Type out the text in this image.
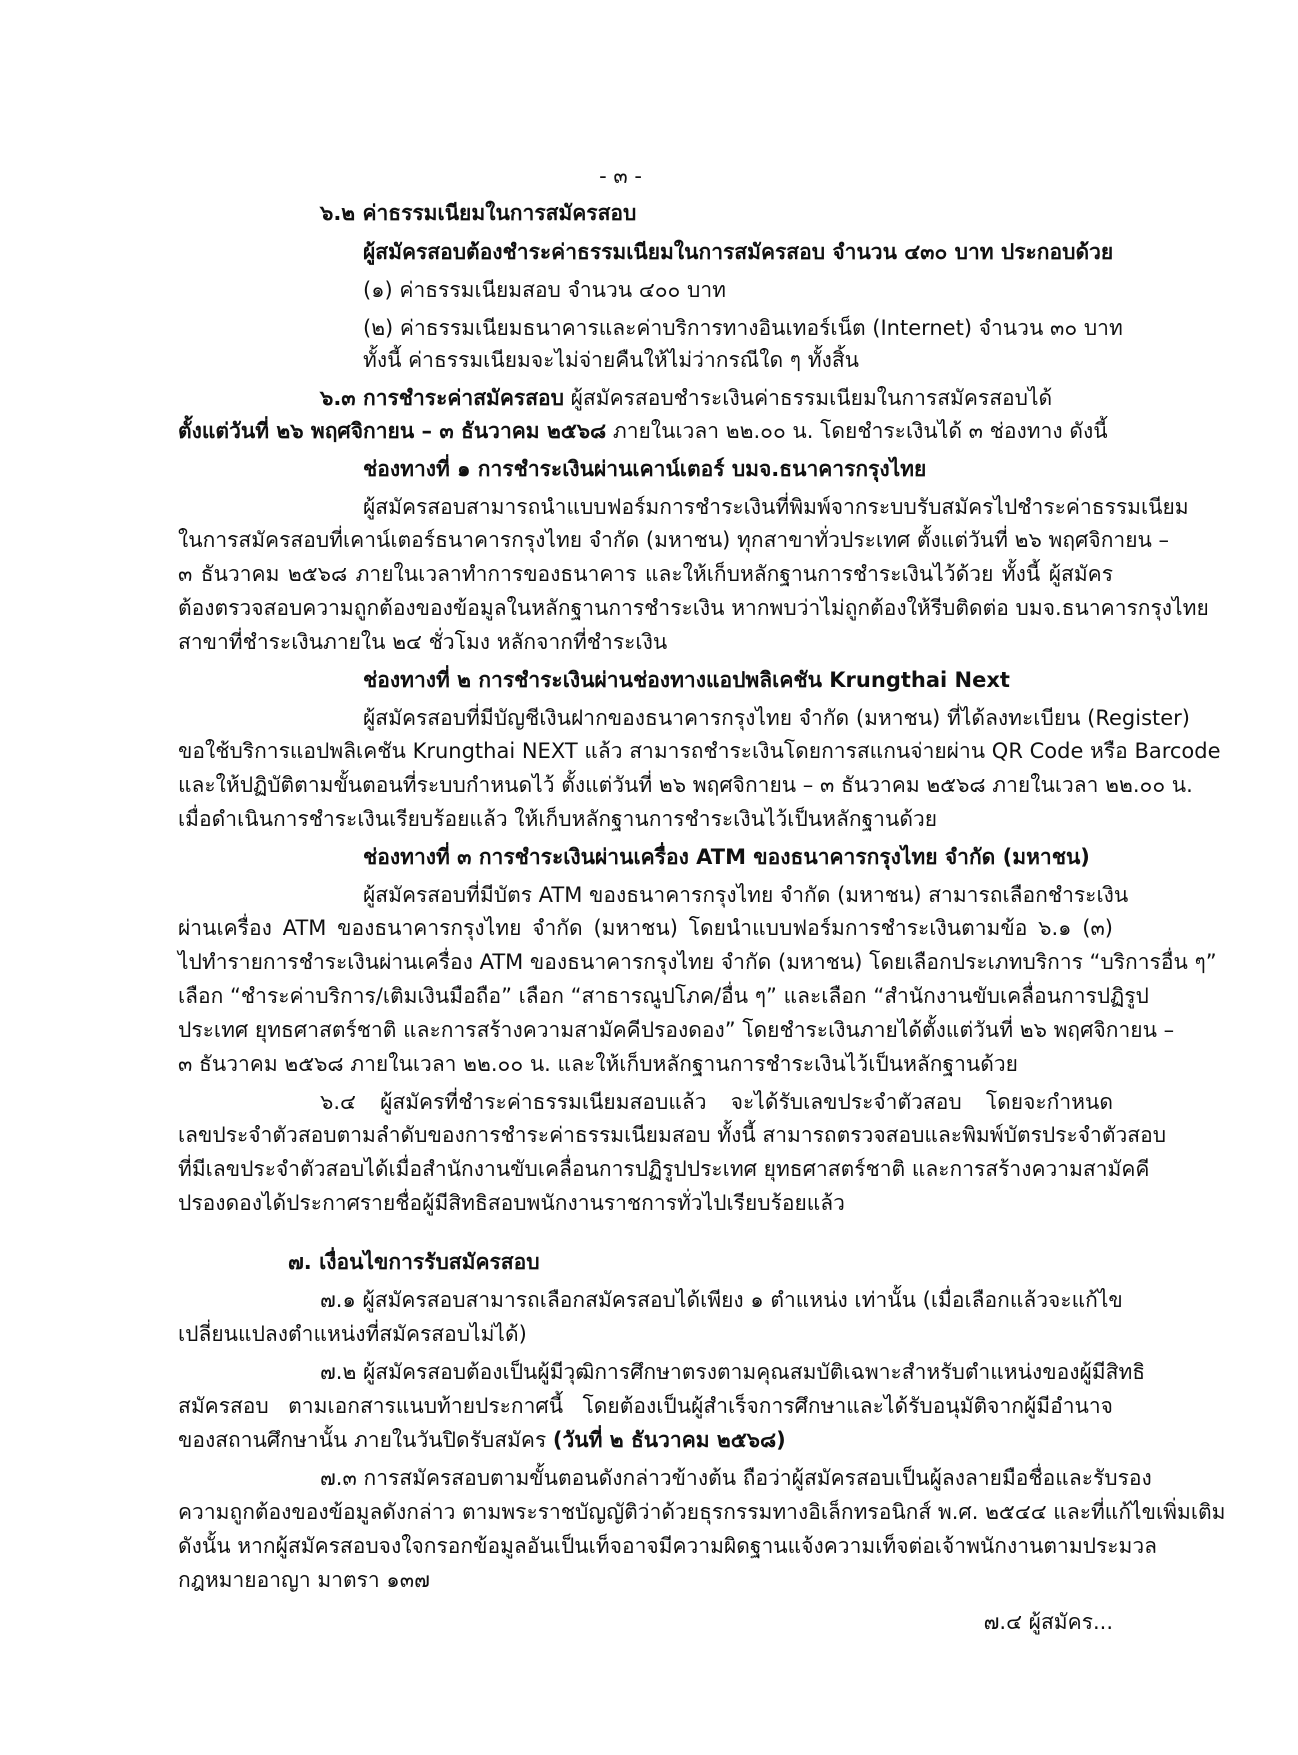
- ๓ -
๖.๒ ค่าธรรมเนียมในการสมัครสอบ
ผู้สมัครสอบต้องชำระค่าธรรมเนียมในการสมัครสอบ จำนวน ๔๓๐ บาท ประกอบด้วย
(๑) ค่าธรรมเนียมสอบ จำนวน ๔๐๐ บาท
(๒) ค่าธรรมเนียมธนาคารและค่าบริการทางอินเทอร์เน็ต (Internet) จำนวน ๓๐ บาท
ทั้งนี้ ค่าธรรมเนียมจะไม่จ่ายคืนให้ไม่ว่ากรณีใด ๆ ทั้งสิ้น
๖.๓ การชำระค่าสมัครสอบ ผู้สมัครสอบชำระเงินค่าธรรมเนียมในการสมัครสอบได้
ตั้งแต่วันที่ ๒๖ พฤศจิกายน – ๓ ธันวาคม ๒๕๖๘ ภายในเวลา ๒๒.๐๐ น. โดยชำระเงินได้ ๓ ช่องทาง ดังนี้
ช่องทางที่ ๑ การชำระเงินผ่านเคาน์เตอร์ บมจ.ธนาคารกรุงไทย
ผู้สมัครสอบสามารถนำแบบฟอร์มการชำระเงินที่พิมพ์จากระบบรับสมัครไปชำระค่าธรรมเนียม
ในการสมัครสอบที่เคาน์เตอร์ธนาคารกรุงไทย จำกัด (มหาชน) ทุกสาขาทั่วประเทศ ตั้งแต่วันที่ ๒๖ พฤศจิกายน –
๓ ธันวาคม ๒๕๖๘ ภายในเวลาทำการของธนาคาร และให้เก็บหลักฐานการชำระเงินไว้ด้วย ทั้งนี้ ผู้สมัคร
ต้องตรวจสอบความถูกต้องของข้อมูลในหลักฐานการชำระเงิน หากพบว่าไม่ถูกต้องให้รีบติดต่อ บมจ.ธนาคารกรุงไทย
สาขาที่ชำระเงินภายใน ๒๔ ชั่วโมง หลักจากที่ชำระเงิน
ช่องทางที่ ๒ การชำระเงินผ่านช่องทางแอปพลิเคชัน Krungthai Next
ผู้สมัครสอบที่มีบัญชีเงินฝากของธนาคารกรุงไทย จำกัด (มหาชน) ที่ได้ลงทะเบียน (Register)
ขอใช้บริการแอปพลิเคชัน Krungthai NEXT แล้ว สามารถชำระเงินโดยการสแกนจ่ายผ่าน QR Code หรือ Barcode
และให้ปฏิบัติตามขั้นตอนที่ระบบกำหนดไว้ ตั้งแต่วันที่ ๒๖ พฤศจิกายน – ๓ ธันวาคม ๒๕๖๘ ภายในเวลา ๒๒.๐๐ น.
เมื่อดำเนินการชำระเงินเรียบร้อยแล้ว ให้เก็บหลักฐานการชำระเงินไว้เป็นหลักฐานด้วย
ช่องทางที่ ๓ การชำระเงินผ่านเครื่อง ATM ของธนาคารกรุงไทย จำกัด (มหาชน)
ผู้สมัครสอบที่มีบัตร ATM ของธนาคารกรุงไทย จำกัด (มหาชน) สามารถเลือกชำระเงิน
ผ่านเครื่อง ATM ของธนาคารกรุงไทย จำกัด (มหาชน) โดยนำแบบฟอร์มการชำระเงินตามข้อ ๖.๑ (๓)
ไปทำรายการชำระเงินผ่านเครื่อง ATM ของธนาคารกรุงไทย จำกัด (มหาชน) โดยเลือกประเภทบริการ “บริการอื่น ๆ”
เลือก “ชำระค่าบริการ/เติมเงินมือถือ” เลือก “สาธารณูปโภค/อื่น ๆ” และเลือก “สำนักงานขับเคลื่อนการปฏิรูป
ประเทศ ยุทธศาสตร์ชาติ และการสร้างความสามัคคีปรองดอง” โดยชำระเงินภายได้ตั้งแต่วันที่ ๒๖ พฤศจิกายน –
๓ ธันวาคม ๒๕๖๘ ภายในเวลา ๒๒.๐๐ น. และให้เก็บหลักฐานการชำระเงินไว้เป็นหลักฐานด้วย
๖.๔ ผู้สมัครที่ชำระค่าธรรมเนียมสอบแล้ว จะได้รับเลขประจำตัวสอบ โดยจะกำหนด
เลขประจำตัวสอบตามลำดับของการชำระค่าธรรมเนียมสอบ ทั้งนี้ สามารถตรวจสอบและพิมพ์บัตรประจำตัวสอบ
ที่มีเลขประจำตัวสอบได้เมื่อสำนักงานขับเคลื่อนการปฏิรูปประเทศ ยุทธศาสตร์ชาติ และการสร้างความสามัคคี
ปรองดองได้ประกาศรายชื่อผู้มีสิทธิสอบพนักงานราชการทั่วไปเรียบร้อยแล้ว
๗. เงื่อนไขการรับสมัครสอบ
๗.๑ ผู้สมัครสอบสามารถเลือกสมัครสอบได้เพียง ๑ ตำแหน่ง เท่านั้น (เมื่อเลือกแล้วจะแก้ไข
เปลี่ยนแปลงตำแหน่งที่สมัครสอบไม่ได้)
๗.๒ ผู้สมัครสอบต้องเป็นผู้มีวุฒิการศึกษาตรงตามคุณสมบัติเฉพาะสำหรับตำแหน่งของผู้มีสิทธิ
สมัครสอบ ตามเอกสารแนบท้ายประกาศนี้ โดยต้องเป็นผู้สำเร็จการศึกษาและได้รับอนุมัติจากผู้มีอำนาจ
ของสถานศึกษานั้น ภายในวันปิดรับสมัคร (วันที่ ๒ ธันวาคม ๒๕๖๘)
๗.๓ การสมัครสอบตามขั้นตอนดังกล่าวข้างต้น ถือว่าผู้สมัครสอบเป็นผู้ลงลายมือชื่อและรับรอง
ความถูกต้องของข้อมูลดังกล่าว ตามพระราชบัญญัติว่าด้วยธุรกรรมทางอิเล็กทรอนิกส์ พ.ศ. ๒๕๔๔ และที่แก้ไขเพิ่มเติม
ดังนั้น หากผู้สมัครสอบจงใจกรอกข้อมูลอันเป็นเท็จอาจมีความผิดฐานแจ้งความเท็จต่อเจ้าพนักงานตามประมวล
กฎหมายอาญา มาตรา ๑๓๗
๗.๔ ผู้สมัคร...
